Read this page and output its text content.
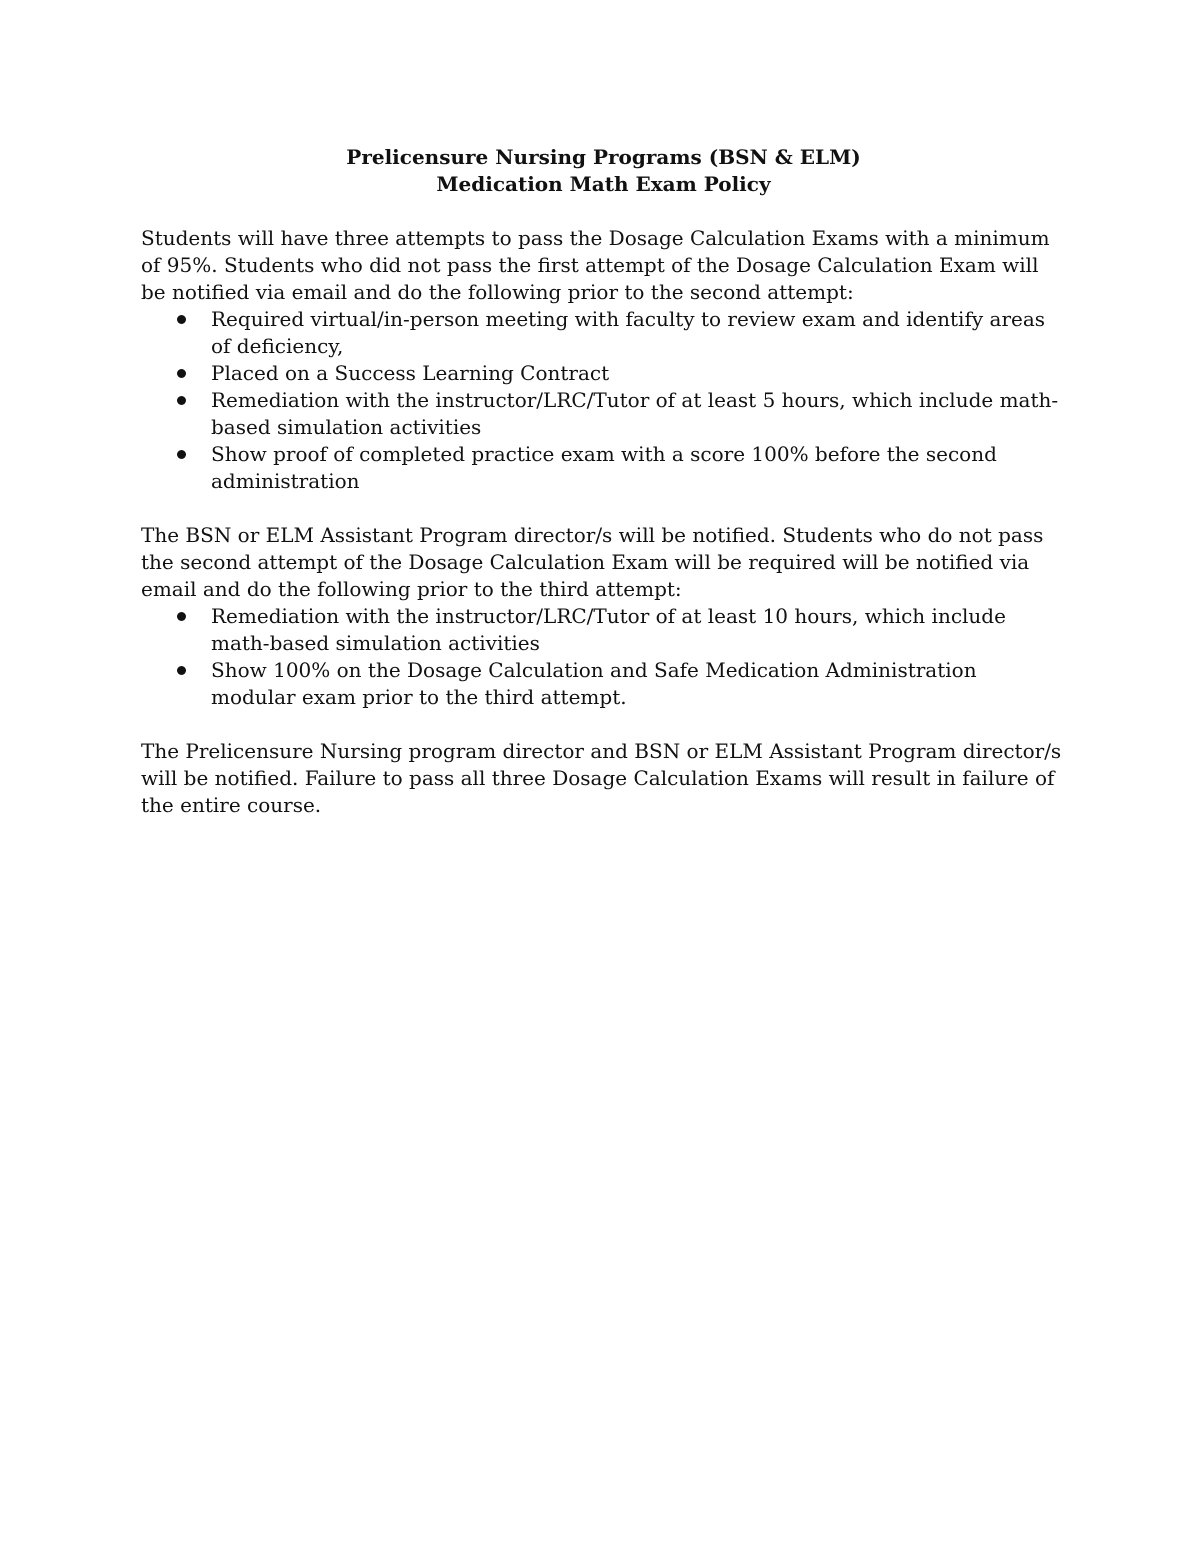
Prelicensure Nursing Programs (BSN & ELM)
Medication Math Exam Policy

Students will have three attempts to pass the Dosage Calculation Exams with a minimum of 95%. Students who did not pass the first attempt of the Dosage Calculation Exam will be notified via email and do the following prior to the second attempt:

Required virtual/in-person meeting with faculty to review exam and identify areas of deficiency,
Placed on a Success Learning Contract
Remediation with the instructor/LRC/Tutor of at least 5 hours, which include math-based simulation activities
Show proof of completed practice exam with a score 100% before the second administration

The BSN or ELM Assistant Program director/s will be notified. Students who do not pass the second attempt of the Dosage Calculation Exam will be required will be notified via email and do the following prior to the third attempt:

Remediation with the instructor/LRC/Tutor of at least 10 hours, which include math-based simulation activities
Show 100% on the Dosage Calculation and Safe Medication Administration modular exam prior to the third attempt.

The Prelicensure Nursing program director and BSN or ELM Assistant Program director/s will be notified. Failure to pass all three Dosage Calculation Exams will result in failure of the entire course.
